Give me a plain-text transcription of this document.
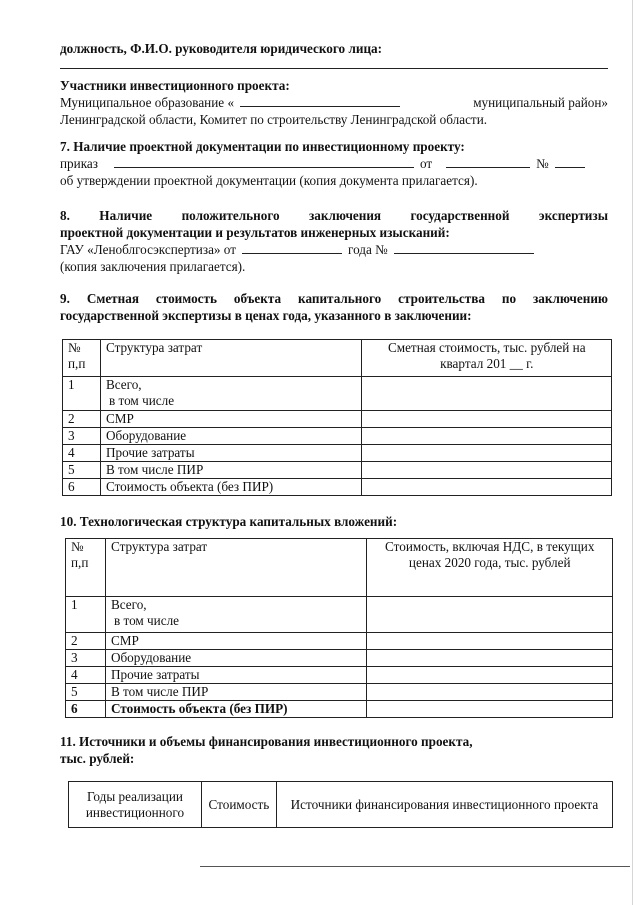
должность, Ф.И.О. руководителя юридического лица:
Участники инвестиционного проекта:
Муниципальное образование «	муниципальный район»
Ленинградской области, Комитет по строительству Ленинградской области.
7. Наличие проектной документации по инвестиционному проекту:
приказ	от	№
об утверждении проектной документации (копия документа прилагается).
8. Наличие положительного заключения государственной экспертизы
проектной документации и результатов инженерных изысканий:
ГАУ «Леноблгосэкспертиза» от	года №
(копия заключения прилагается).
9. Сметная стоимость объекта капитального строительства по заключению
государственной экспертизы в ценах года, указанного в заключении:
№ п,п	Структура затрат	Сметная стоимость, тыс. рублей на квартал 201 __ г.
1	Всего,
в том числе	

2	СМР	
3	Оборудование	
4	Прочие затраты	
5	В том числе ПИР	
6	Стоимость объекта (без ПИР)	
10. Технологическая структура капитальных вложений:
№ п,п	Структура затрат	Стоимость, включая НДС, в текущих ценах 2020 года, тыс. рублей
1	Всего,
в том числе	

2	СМР	
3	Оборудование	
4	Прочие затраты	
5	В том числе ПИР	
6	Стоимость объекта (без ПИР)	
11. Источники и объемы финансирования инвестиционного проекта,
тыс. рублей:
Годы реализации инвестиционного	Стоимость	Источники финансирования инвестиционного проекта
